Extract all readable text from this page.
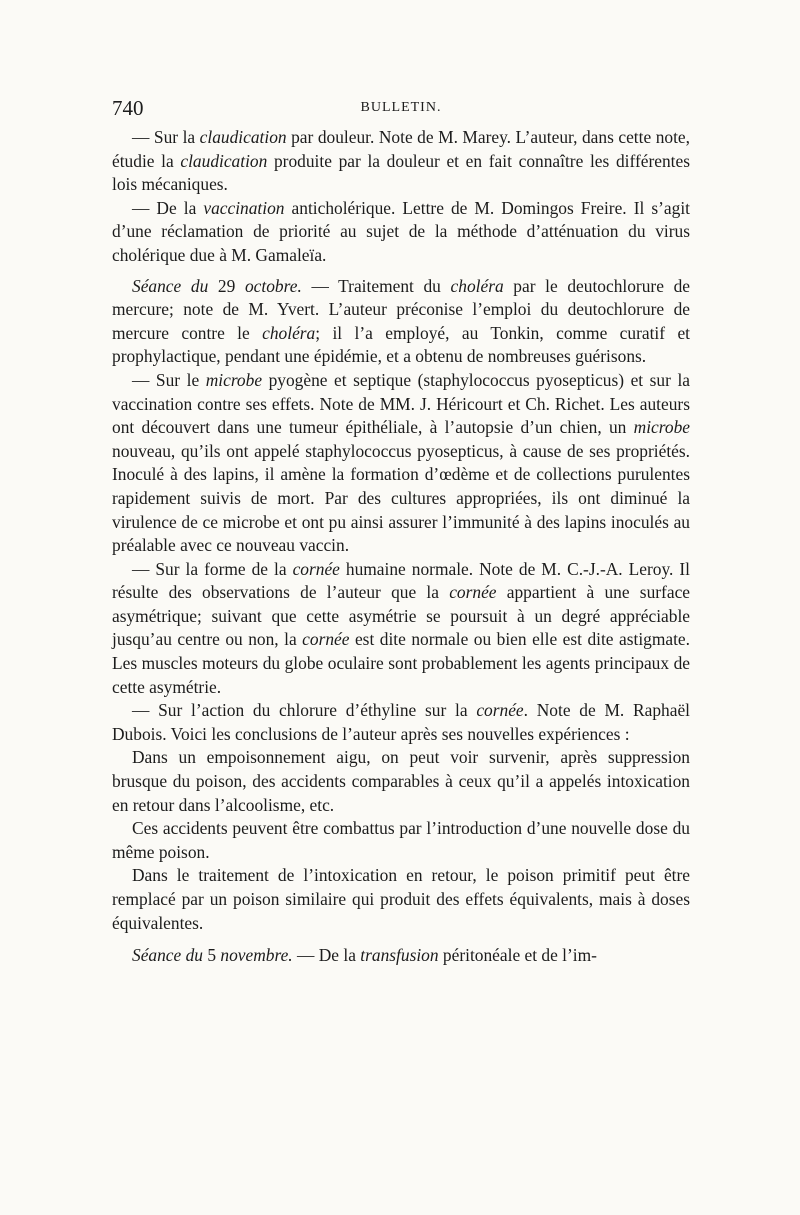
740	BULLETIN.

— Sur la claudication par douleur. Note de M. Marey. L’auteur, dans cette note, étudie la claudication produite par la douleur et en fait connaître les différentes lois mécaniques.

— De la vaccination anticholérique. Lettre de M. Domingos Freire. Il s’agit d’une réclamation de priorité au sujet de la méthode d’atténuation du virus cholérique due à M. Gamaleïa.

Séance du 29 octobre. — Traitement du choléra par le deutochlorure de mercure; note de M. Yvert. L’auteur préconise l’emploi du deutochlorure de mercure contre le choléra; il l’a employé, au Tonkin, comme curatif et prophylactique, pendant une épidémie, et a obtenu de nombreuses guérisons.

— Sur le microbe pyogène et septique (staphylococcus pyosepticus) et sur la vaccination contre ses effets. Note de MM. J. Héricourt et Ch. Richet. Les auteurs ont découvert dans une tumeur épithéliale, à l’autopsie d’un chien, un microbe nouveau, qu’ils ont appelé staphylococcus pyosepticus, à cause de ses propriétés. Inoculé à des lapins, il amène la formation d’œdème et de collections purulentes rapidement suivis de mort. Par des cultures appropriées, ils ont diminué la virulence de ce microbe et ont pu ainsi assurer l’immunité à des lapins inoculés au préalable avec ce nouveau vaccin.

— Sur la forme de la cornée humaine normale. Note de M. C.-J.-A. Leroy. Il résulte des observations de l’auteur que la cornée appartient à une surface asymétrique; suivant que cette asymétrie se poursuit à un degré appréciable jusqu’au centre ou non, la cornée est dite normale ou bien elle est dite astigmate. Les muscles moteurs du globe oculaire sont probablement les agents principaux de cette asymétrie.

— Sur l’action du chlorure d’éthyline sur la cornée. Note de M. Raphaël Dubois. Voici les conclusions de l’auteur après ses nouvelles expériences :

Dans un empoisonnement aigu, on peut voir survenir, après suppression brusque du poison, des accidents comparables à ceux qu’il a appelés intoxication en retour dans l’alcoolisme, etc.

Ces accidents peuvent être combattus par l’introduction d’une nouvelle dose du même poison.

Dans le traitement de l’intoxication en retour, le poison primitif peut être remplacé par un poison similaire qui produit des effets équivalents, mais à doses équivalentes.

Séance du 5 novembre. — De la transfusion péritonéale et de l’im-
